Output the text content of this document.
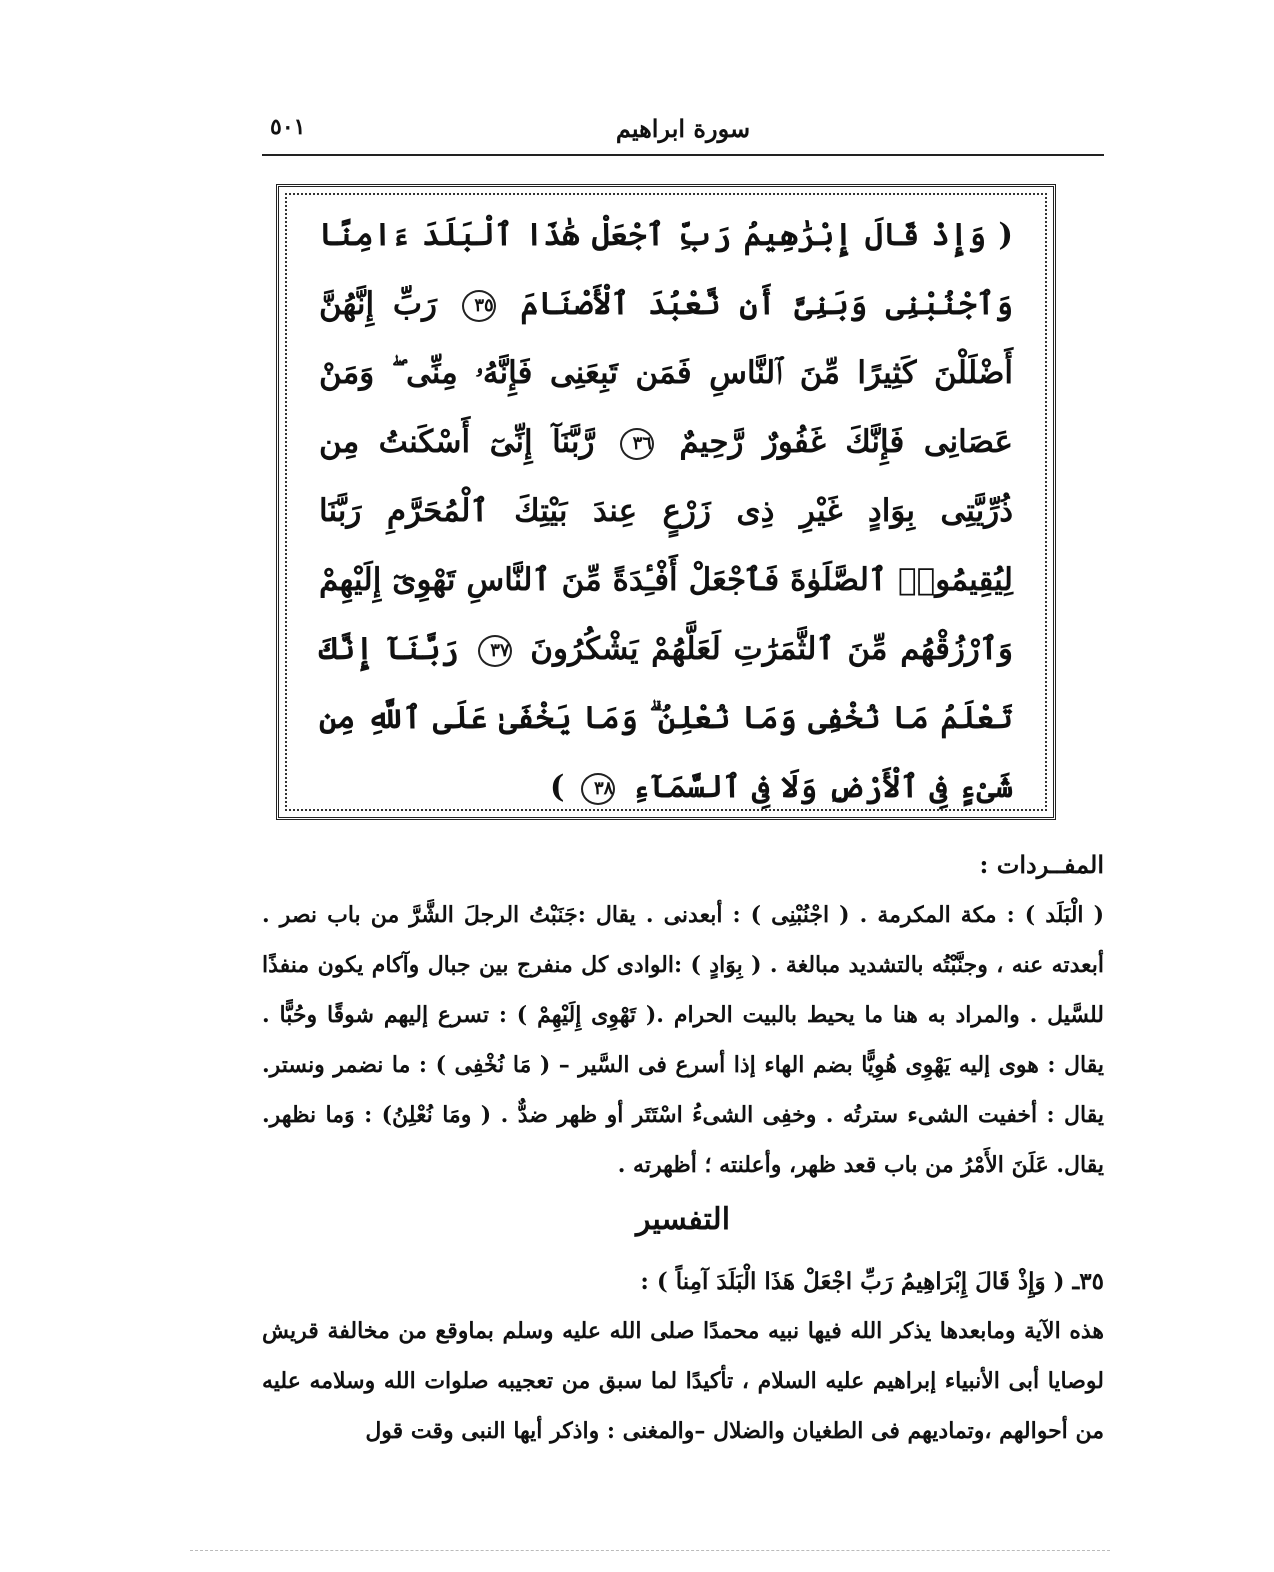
٥٠١	سورة ابراهيم
( وَإِذْ قَالَ إِبْرَٰهِيمُ رَبِّ ٱجْعَلْ هَٰذَا ٱلْبَلَدَ ءَامِنًا وَٱجْنُبْنِى وَبَنِىَّ أَن نَّعْبُدَ ٱلْأَصْنَامَ ٣٥ رَبِّ إِنَّهُنَّ أَضْلَلْنَ كَثِيرًا مِّنَ ٱلنَّاسِ فَمَن تَبِعَنِى فَإِنَّهُۥ مِنِّى ۖ وَمَنْ عَصَانِى فَإِنَّكَ غَفُورٌ رَّحِيمٌ ٣٦ رَّبَّنَآ إِنِّىٓ أَسْكَنتُ مِن ذُرِّيَّتِى بِوَادٍ غَيْرِ ذِى زَرْعٍ عِندَ بَيْتِكَ ٱلْمُحَرَّمِ رَبَّنَا لِيُقِيمُوا۟ ٱلصَّلَوٰةَ فَٱجْعَلْ أَفْـِٔدَةً مِّنَ ٱلنَّاسِ تَهْوِىٓ إِلَيْهِمْ وَٱرْزُقْهُم مِّنَ ٱلثَّمَرَٰتِ لَعَلَّهُمْ يَشْكُرُونَ ٣٧ رَبَّنَآ إِنَّكَ تَعْلَمُ مَا نُخْفِى وَمَا نُعْلِنُ ۗ وَمَا يَخْفَىٰ عَلَى ٱللَّهِ مِن شَىْءٍ فِى ٱلْأَرْضِ وَلَا فِى ٱلسَّمَآءِ ٣٨ )
المفــردات :
( الْبَلَد ) : مكة المكرمة . ( اجْنُبْنِى ) : أبعدنى . يقال :جَنَبْتُ الرجلَ الشَّرَّ من باب نصر . أبعدته عنه ، وجنَّبْتُه بالتشديد مبالغة . ( بِوَادٍ ) :الوادى كل منفرج بين جبال وآكام يكون منفذًا للسَّيل . والمراد به هنا ما يحيط بالبيت الحرام .( تَهْوِى إِلَيْهِمْ ) : تسرع إليهم شوقًا وحُبًّا . يقال : هوى إليه يَهْوِى هُوِيًّا بضم الهاء إذا أسرع فى السَّير – ( مَا نُخْفِى ) : ما نضمر ونستر. يقال : أخفيت الشىء سترتُه . وخفِى الشىءُ اسْتَتَر أو ظهر ضدٌّ . ( ومَا نُعْلِنُ) : وَما نظهر. يقال. عَلَنَ الأَمْرُ من باب قعد ظهر، وأعلنته ؛ أظهرته .
التفسير
٣٥ـ ( وَإِذْ قَالَ إِبْرَاهِيمُ رَبِّ اجْعَلْ هَذَا الْبَلَدَ آمِناً ) :
هذه الآية ومابعدها يذكر الله فيها نبيه محمدًا صلى الله عليه وسلم بماوقع من مخالفة قريش لوصايا أبى الأنبياء إبراهيم عليه السلام ، تأكيدًا لما سبق من تعجيبه صلوات الله وسلامه عليه من أحوالهم ،وتماديهم فى الطغيان والضلال –والمغنى : واذكر أيها النبى وقت قول
